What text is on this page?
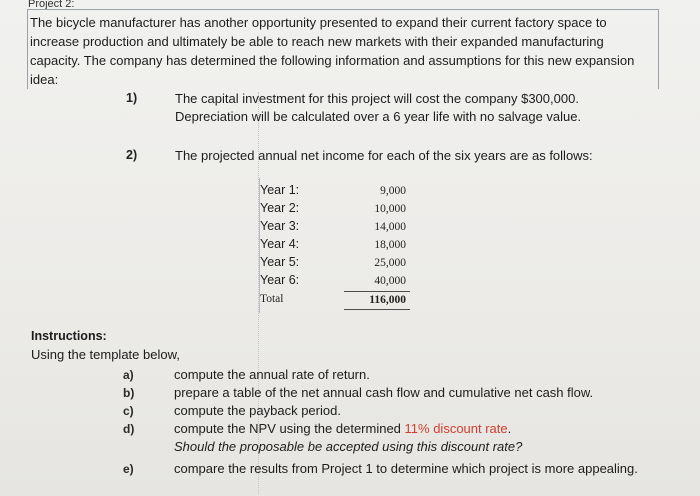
Project 2:
The bicycle manufacturer has another opportunity presented to expand their current factory space to
increase production and ultimately be able to reach new markets with their expanded manufacturing
capacity. The company has determined the following information and assumptions for this new expansion
idea:
1)	The capital investment for this project will cost the company $300,000.
Depreciation will be calculated over a 6 year life with no salvage value.
2)	The projected annual net income for each of the six years are as follows:
Year 1:	9,000
Year 2:	10,000
Year 3:	14,000
Year 4:	18,000
Year 5:	25,000
Year 6:	40,000
Total	116,000
Instructions:
Using the template below,
a)	compute the annual rate of return.
b)	prepare a table of the net annual cash flow and cumulative net cash flow.
c)	compute the payback period.
d)	compute the NPV using the determined 11% discount rate.
Should the proposable be accepted using this discount rate?
e)	compare the results from Project 1 to determine which project is more appealing.
